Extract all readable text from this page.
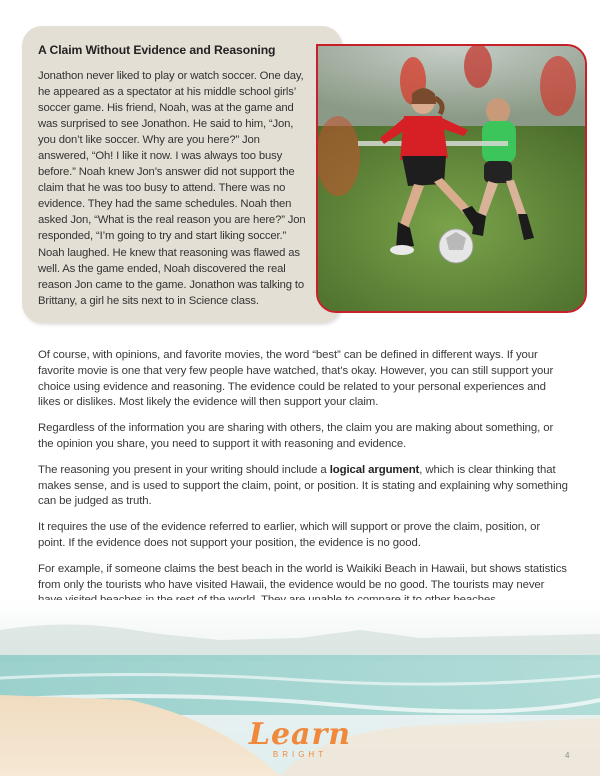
A Claim Without Evidence and Reasoning

Jonathon never liked to play or watch soccer. One day, he appeared as a spectator at his middle school girls’ soccer game. His friend, Noah, was at the game and was surprised to see Jonathon. He said to him, “Jon, you don’t like soccer. Why are you here?” Jon answered, “Oh! I like it now. I was always too busy before.” Noah knew Jon’s answer did not support the claim that he was too busy to attend. There was no evidence. They had the same schedules. Noah then asked Jon, “What is the real reason you are here?” Jon responded, “I’m going to try and start liking soccer.” Noah laughed. He knew that reasoning was flawed as well. As the game ended, Noah discovered the real reason Jon came to the game. Jonathon was talking to Brittany, a girl he sits next to in Science class.

Of course, with opinions, and favorite movies, the word “best” can be defined in different ways. If your favorite movie is one that very few people have watched, that’s okay. However, you can still support your choice using evidence and reasoning. The evidence could be related to your personal experiences and likes or dislikes. Most likely the evidence will then support your claim.

Regardless of the information you are sharing with others, the claim you are making about something, or the opinion you share, you need to support it with reasoning and evidence.

The reasoning you present in your writing should include a logical argument, which is clear thinking that makes sense, and is used to support the claim, point, or position. It is stating and explaining why something can be judged as truth.

It requires the use of the evidence referred to earlier, which will support or prove the claim, position, or point. If the evidence does not support your position, the evidence is no good.

For example, if someone claims the best beach in the world is Waikiki Beach in Hawaii, but shows statistics from only the tourists who have visited Hawaii, the evidence would be no good. The tourists may never

Learn
BRIGHT	4
